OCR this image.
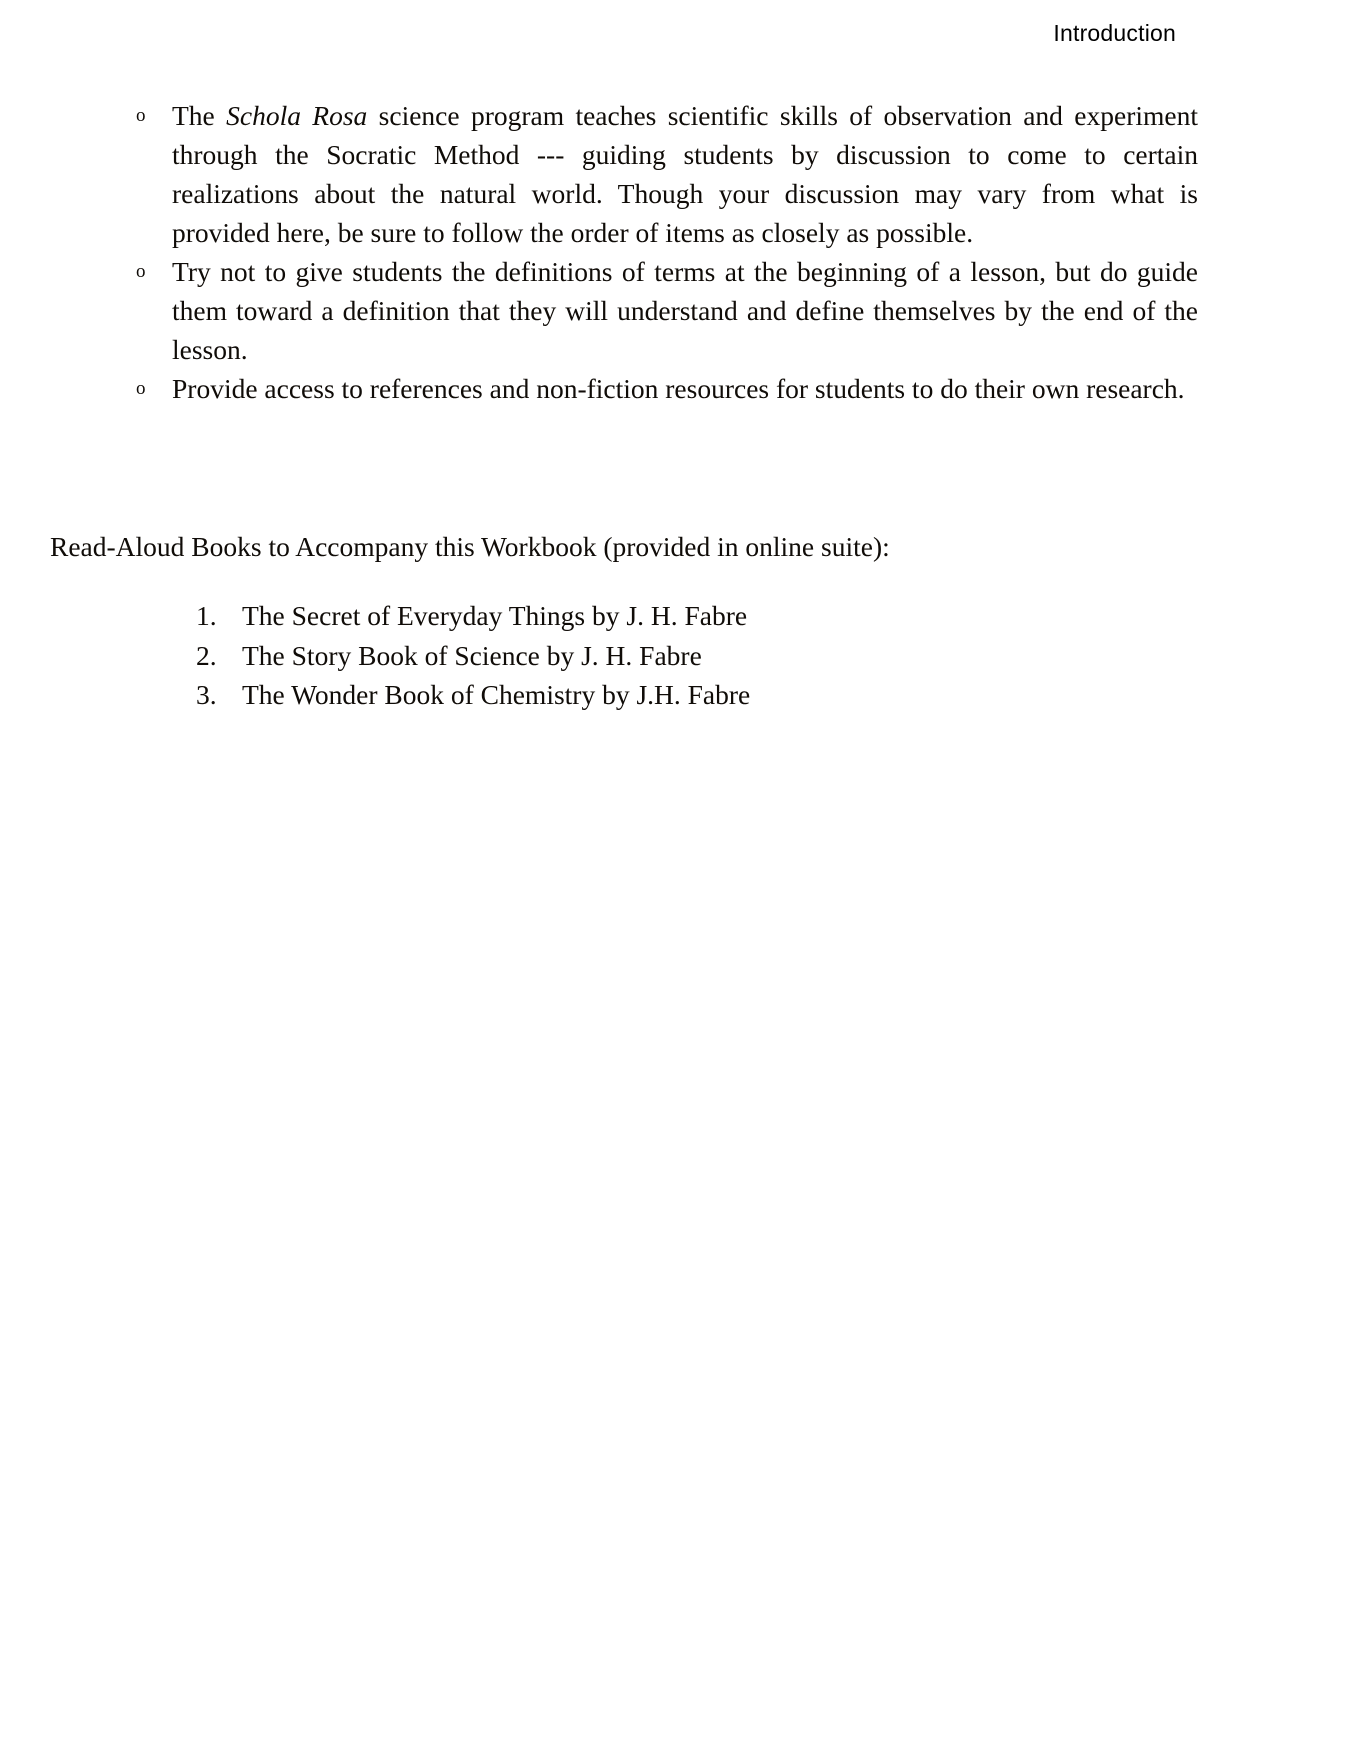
Introduction
o The Schola Rosa science program teaches scientific skills of observation and experiment through the Socratic Method --- guiding students by discussion to come to certain realizations about the natural world. Though your discussion may vary from what is provided here, be sure to follow the order of items as closely as possible.
o Try not to give students the definitions of terms at the beginning of a lesson, but do guide them toward a definition that they will understand and define themselves by the end of the lesson.
o Provide access to references and non-fiction resources for students to do their own research.
Read-Aloud Books to Accompany this Workbook (provided in online suite):
1. The Secret of Everyday Things by J. H. Fabre
2. The Story Book of Science by J. H. Fabre
3. The Wonder Book of Chemistry by J.H. Fabre
